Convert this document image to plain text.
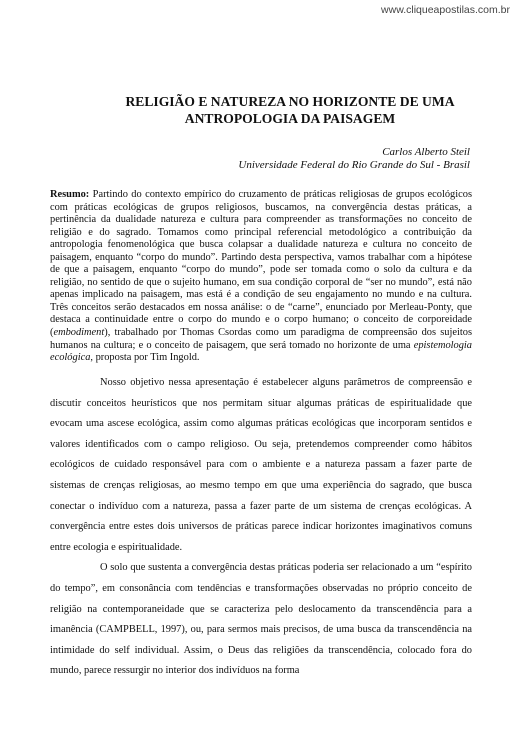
www.cliqueapostilas.com.br
RELIGIÃO E NATUREZA NO HORIZONTE DE UMA
ANTROPOLOGIA DA PAISAGEM
Carlos Alberto Steil
Universidade Federal do Rio Grande do Sul - Brasil
Resumo: Partindo do contexto empírico do cruzamento de práticas religiosas de grupos ecológicos com práticas ecológicas de grupos religiosos, buscamos, na convergência destas práticas, a pertinência da dualidade natureza e cultura para compreender as transformações no conceito de religião e do sagrado. Tomamos como principal referencial metodológico a contribuição da antropologia fenomenológica que busca colapsar a dualidade natureza e cultura no conceito de paisagem, enquanto “corpo do mundo”. Partindo desta perspectiva, vamos trabalhar com a hipótese de que a paisagem, enquanto “corpo do mundo”, pode ser tomada como o solo da cultura e da religião, no sentido de que o sujeito humano, em sua condição corporal de “ser no mundo”, está não apenas implicado na paisagem, mas está é a condição de seu engajamento no mundo e na cultura. Três conceitos serão destacados em nossa análise: o de “carne”, enunciado por Merleau-Ponty, que destaca a continuidade entre o corpo do mundo e o corpo humano; o conceito de corporeidade (embodiment), trabalhado por Thomas Csordas como um paradigma de compreensão dos sujeitos humanos na cultura; e o conceito de paisagem, que será tomado no horizonte de uma epistemologia ecológica, proposta por Tim Ingold.

Nosso objetivo nessa apresentação é estabelecer alguns parâmetros de compreensão e discutir conceitos heurísticos que nos permitam situar algumas práticas de espiritualidade que evocam uma ascese ecológica, assim como algumas práticas ecológicas que incorporam sentidos e valores identificados com o campo religioso. Ou seja, pretendemos compreender como hábitos ecológicos de cuidado responsável para com o ambiente e a natureza passam a fazer parte de sistemas de crenças religiosas, ao mesmo tempo em que uma experiência do sagrado, que busca conectar o indivíduo com a natureza, passa a fazer parte de um sistema de crenças ecológicas. A convergência entre estes dois universos de práticas parece indicar horizontes imaginativos comuns entre ecologia e espiritualidade.

O solo que sustenta a convergência destas práticas poderia ser relacionado a um “espírito do tempo”, em consonância com tendências e transformações observadas no próprio conceito de religião na contemporaneidade que se caracteriza pelo deslocamento da transcendência para a imanência (CAMPBELL, 1997), ou, para sermos mais precisos, de uma busca da transcendência na intimidade do self individual. Assim, o Deus das religiões da transcendência, colocado fora do mundo, parece ressurgir no interior dos indivíduos na forma
